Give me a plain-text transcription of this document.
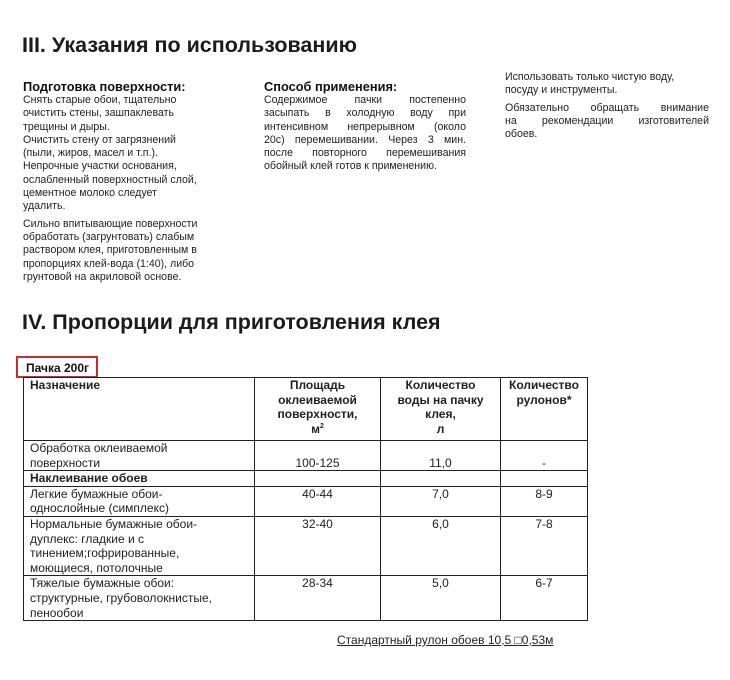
III. Указания по использованию
Подготовка поверхности:

Снять старые обои, тщательно
очистить стены, зашпаклевать
трещины и дыры.
Очистить стену от загрязнений
(пыли, жиров, масел и т.п.).
Непрочные участки основания,
ослабленный поверхностный слой,
цементное молоко следует
удалить.

Сильно впитывающие поверхности
обработать (загрунтовать) слабым
раствором клея, приготовленным в
пропорциях клей-вода (1:40), либо
грунтовой на акриловой основе.

Способ применения:

Содержимое пачки постепенно
засыпать в холодную воду при
интенсивном непрерывном (около
20с) перемешивании. Через 3 мин.
после повторного перемешивания
обойный клей готов к применению.

Использовать только чистую воду,
посуду и инструменты.

Обязательно обращать внимание
на рекомендации изготовителей
обоев.

IV. Пропорции для приготовления клея
Пачка 200г
Назначение	Площадь
оклеиваемой
поверхности,
$м^2$	Количество
воды на пачку
клея,
л	Количество
рулонов*
Обработка оклеиваемой
поверхности	100-125	11,0	-
Наклеивание обоев			
Легкие бумажные обои-
однослойные (симплекс)	40-44	7,0	8-9
Нормальные бумажные обои-
дуплекс: гладкие и с
тинением;гофрированные,
моющиеся, потолочные	32-40	6,0	7-8
Тяжелые бумажные обои:
структурные, грубоволокнистые,
пенообои	28-34	5,0	6-7
Стандартный рулон обоев 10,5 □0,53м
